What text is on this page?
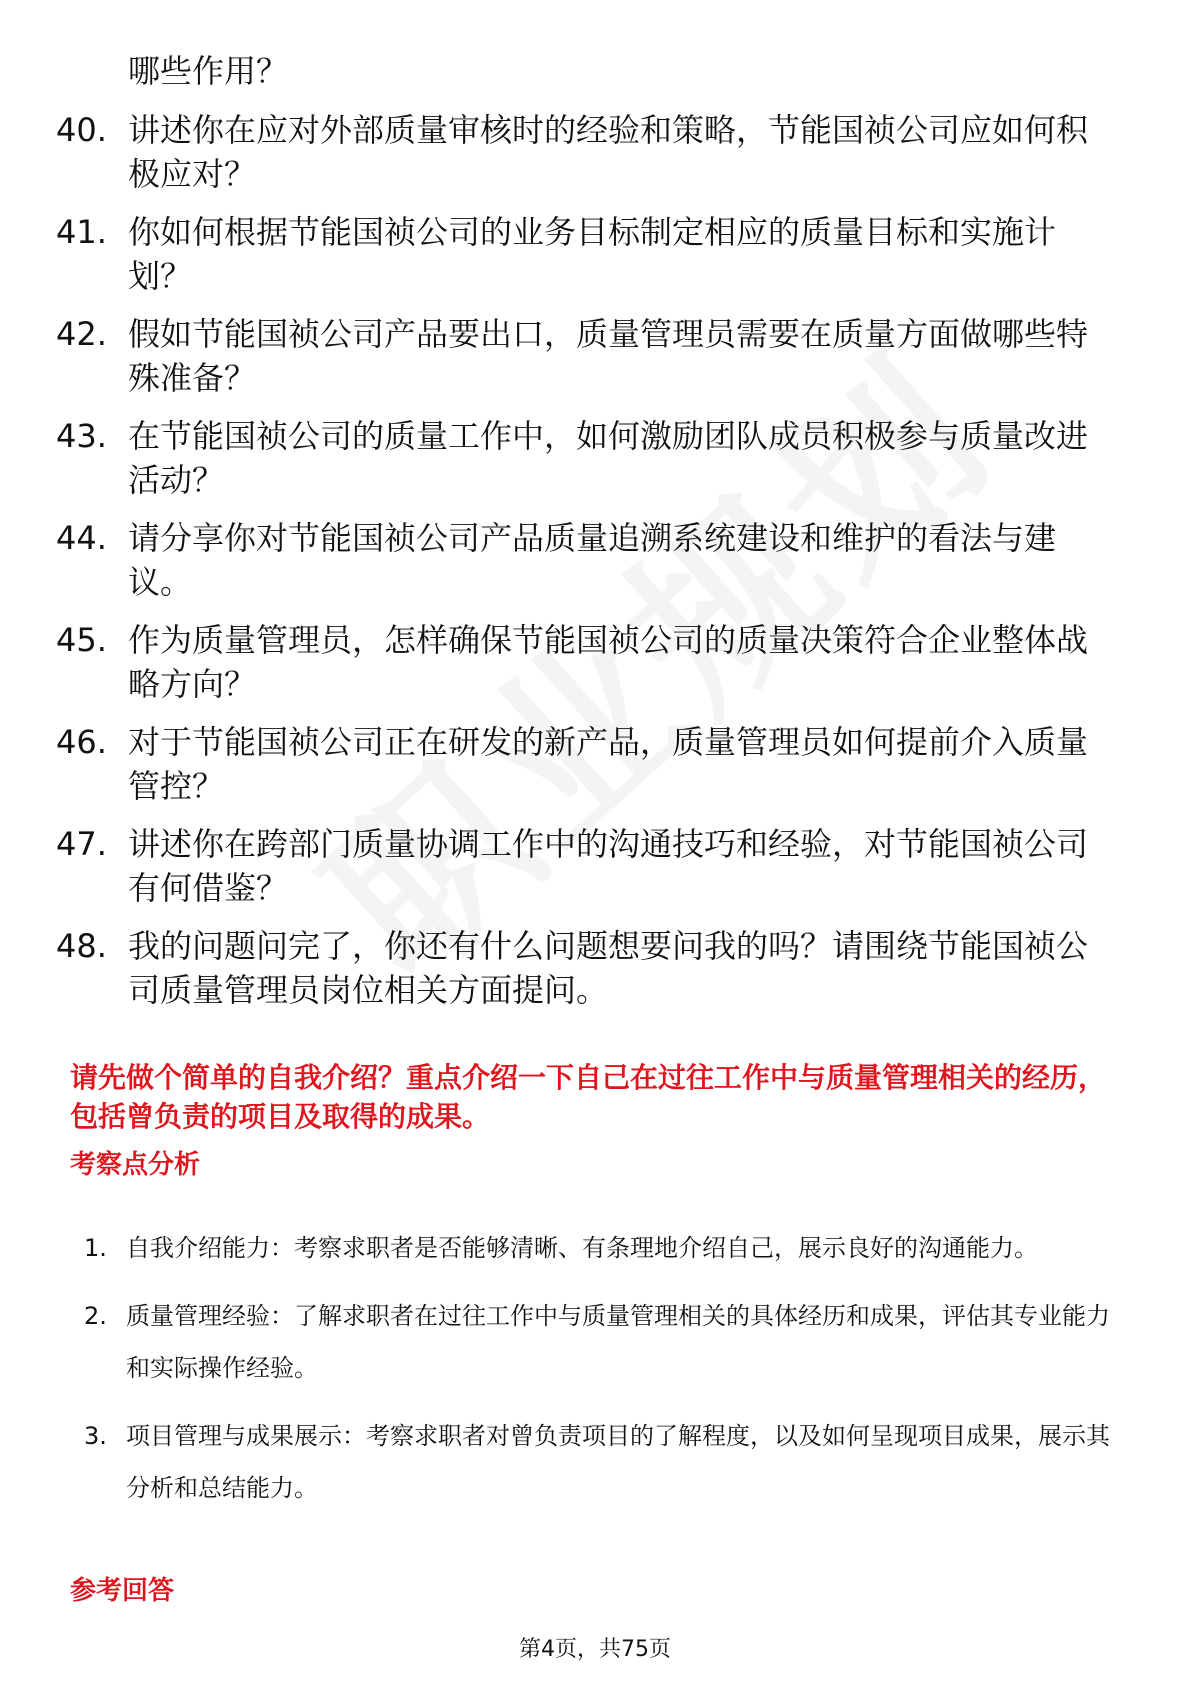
哪些作用？
40. 讲述你在应对外部质量审核时的经验和策略，节能国祯公司应如何积极应对？
41. 你如何根据节能国祯公司的业务目标制定相应的质量目标和实施计划？
42. 假如节能国祯公司产品要出口，质量管理员需要在质量方面做哪些特殊准备？
43. 在节能国祯公司的质量工作中，如何激励团队成员积极参与质量改进活动？
44. 请分享你对节能国祯公司产品质量追溯系统建设和维护的看法与建议。
45. 作为质量管理员，怎样确保节能国祯公司的质量决策符合企业整体战略方向？
46. 对于节能国祯公司正在研发的新产品，质量管理员如何提前介入质量管控？
47. 讲述你在跨部门质量协调工作中的沟通技巧和经验，对节能国祯公司有何借鉴？
48. 我的问题问完了，你还有什么问题想要问我的吗？请围绕节能国祯公司质量管理员岗位相关方面提问。
请先做个简单的自我介绍？重点介绍一下自己在过往工作中与质量管理相关的经历，包括曾负责的项目及取得的成果。
考察点分析
1. 自我介绍能力：考察求职者是否能够清晰、有条理地介绍自己，展示良好的沟通能力。
2. 质量管理经验：了解求职者在过往工作中与质量管理相关的具体经历和成果，评估其专业能力和实际操作经验。
3. 项目管理与成果展示：考察求职者对曾负责项目的了解程度，以及如何呈现项目成果，展示其分析和总结能力。
参考回答
第4页，共75页
